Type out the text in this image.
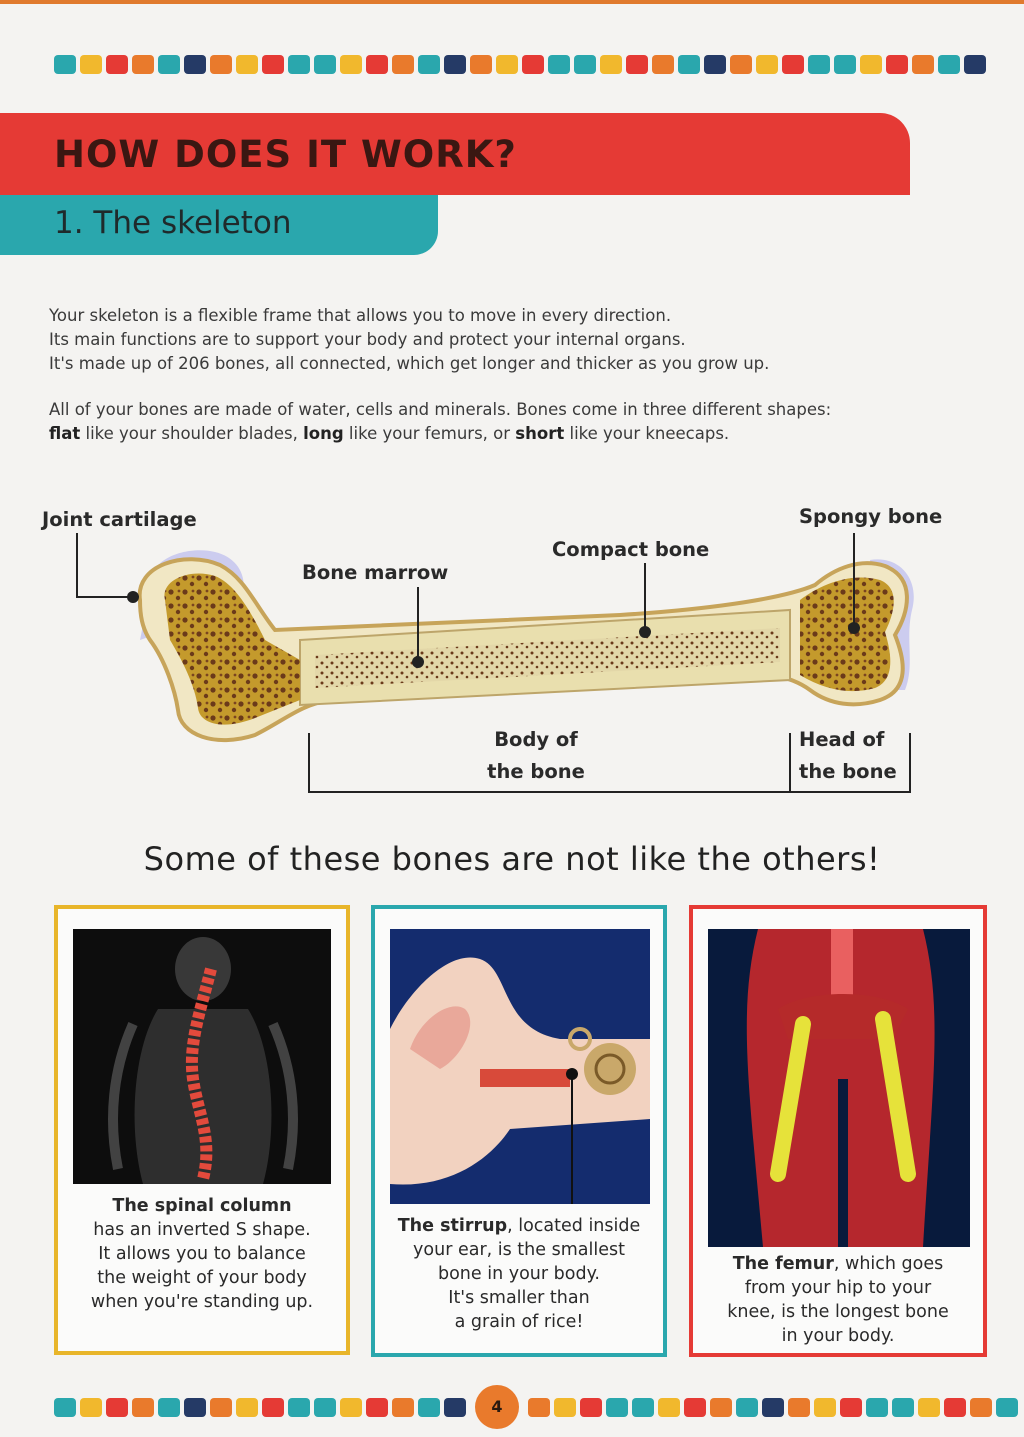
HOW DOES IT WORK?
1. The skeleton

Your skeleton is a flexible frame that allows you to move in every direction.
Its main functions are to support your body and protect your internal organs.
It's made up of 206 bones, all connected, which get longer and thicker as you grow up.

All of your bones are made of water, cells and minerals. Bones come in three different shapes:
flat like your shoulder blades, long like your femurs, or short like your kneecaps.

Joint cartilage
Bone marrow
Compact bone
Spongy bone
Body of
the bone
Head of
the bone
Some of these bones are not like the others!
The spinal column
has an inverted S shape.
It allows you to balance
the weight of your body
when you're standing up.
The stirrup, located inside
your ear, is the smallest
bone in your body.
It's smaller than
a grain of rice!
The femur, which goes
from your hip to your
knee, is the longest bone
in your body.
4
